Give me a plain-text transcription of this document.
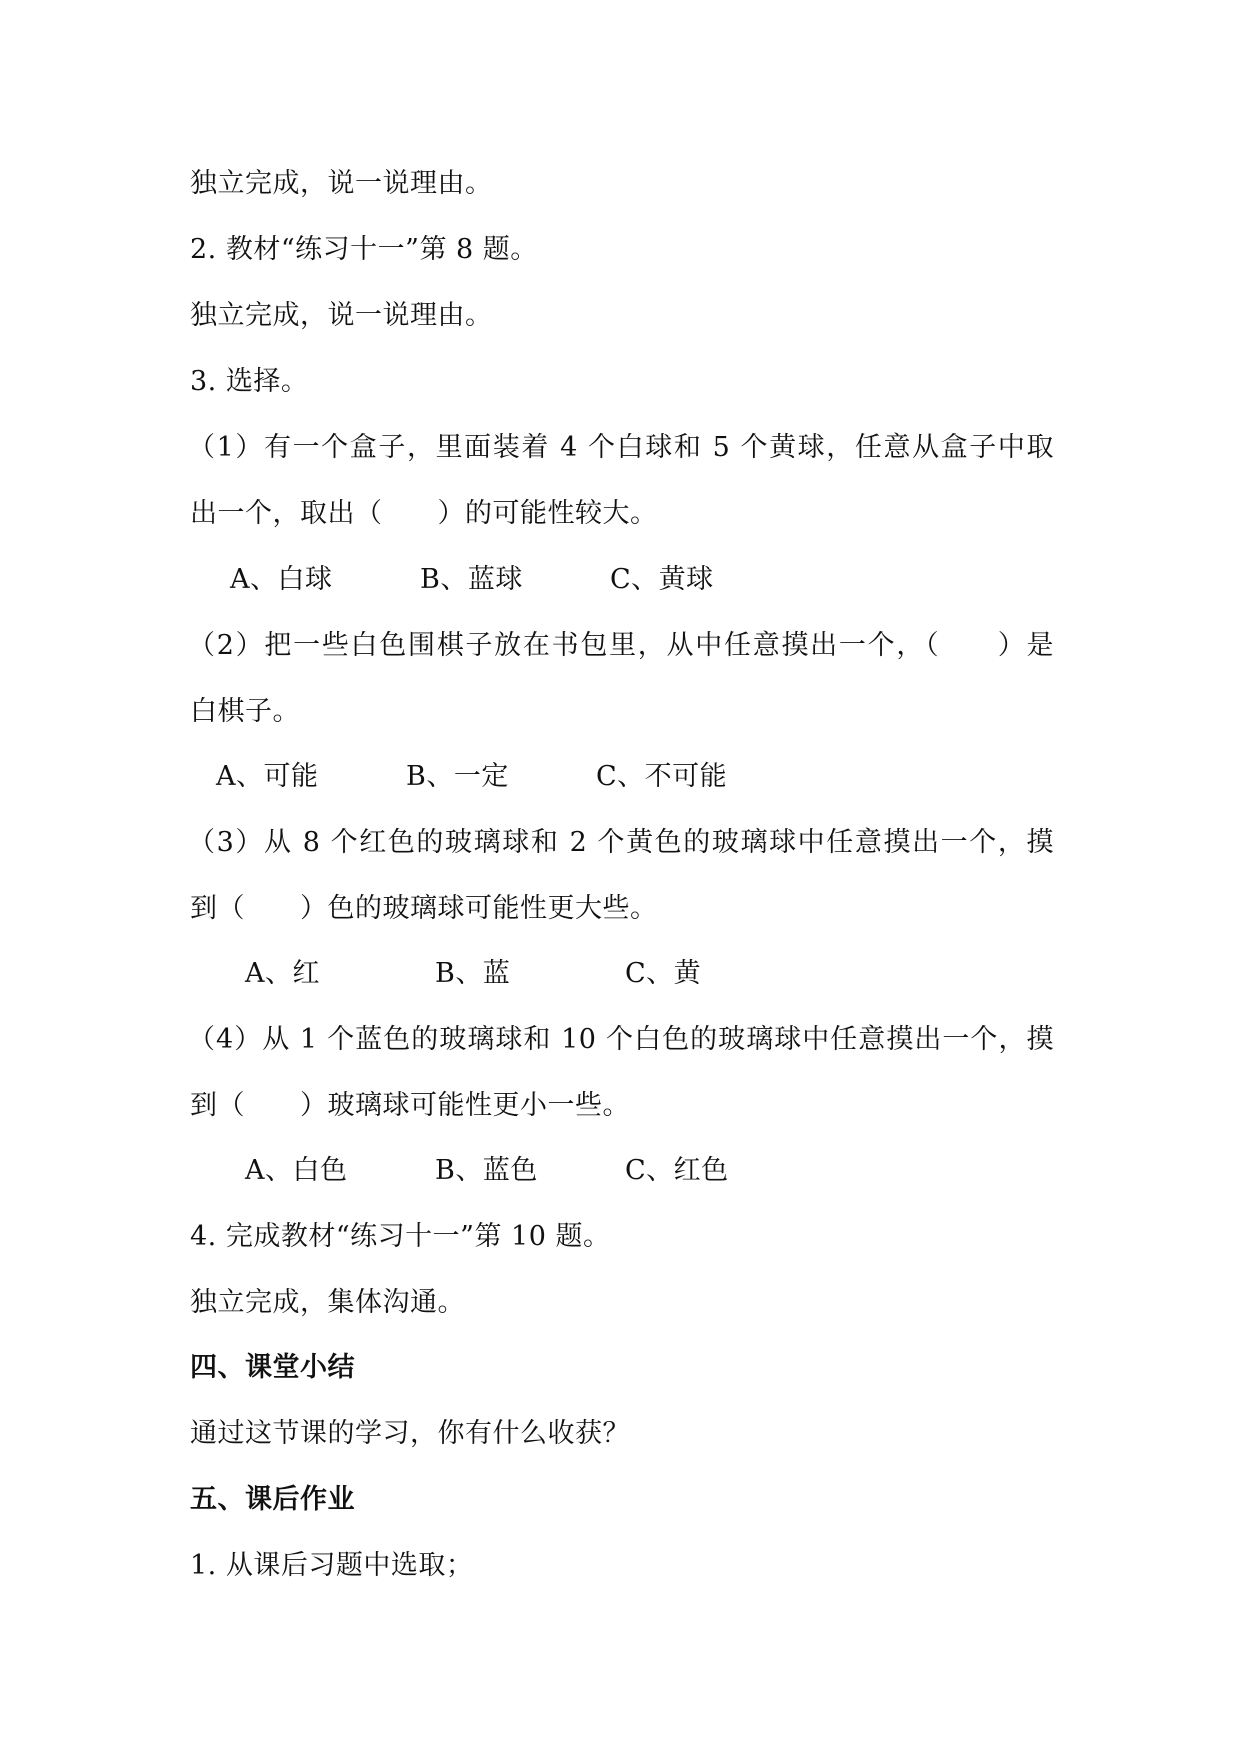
独立完成，说一说理由。
2. 教材“练习十一”第 8 题。
独立完成，说一说理由。
3. 选择。
（1）有一个盒子，里面装着 4 个白球和 5 个黄球，任意从盒子中取
出一个，取出（　　）的可能性较大。
A、白球	B、蓝球	C、黄球
（2）把一些白色围棋子放在书包里，从中任意摸出一个，（　　）是
白棋子。
A、可能	B、一定	C、不可能
（3）从 8 个红色的玻璃球和 2 个黄色的玻璃球中任意摸出一个，摸
到（　　）色的玻璃球可能性更大些。
A、红	B、蓝	C、黄
（4）从 1 个蓝色的玻璃球和 10 个白色的玻璃球中任意摸出一个，摸
到（　　）玻璃球可能性更小一些。
A、白色	B、蓝色	C、红色
4. 完成教材“练习十一”第 10 题。
独立完成，集体沟通。
四、课堂小结
通过这节课的学习，你有什么收获？
五、课后作业
1. 从课后习题中选取；
